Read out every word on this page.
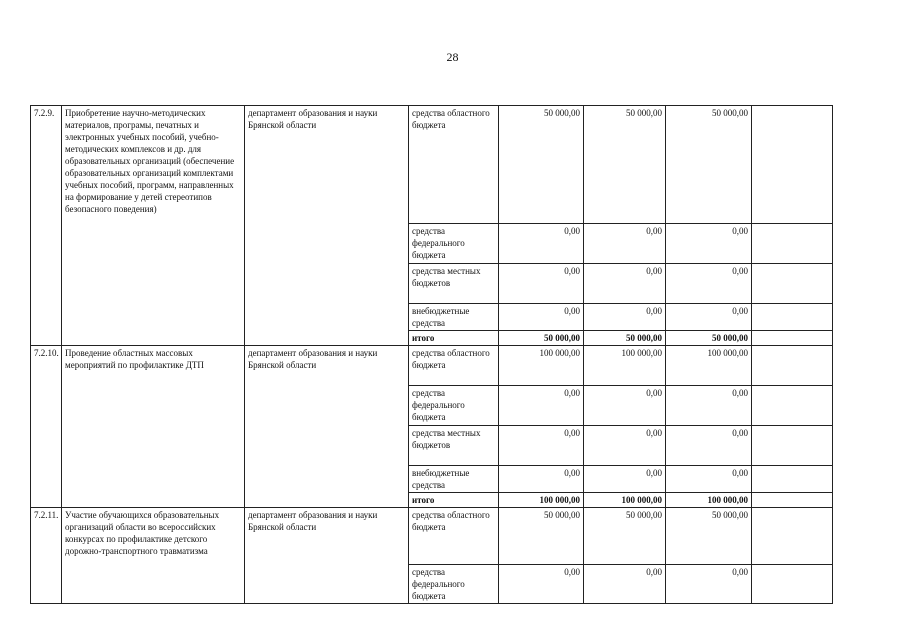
28
7.2.9.	Приобретение научно-методических материалов, програмы, печатных и электронных учебных пособий, учебно-методических комплексов и др. для образовательных организаций (обеспечение образовательных организаций комплектами учебных пособий, программ, направленных на формирование у детей стереотипов безопасного поведения)	департамент образования и науки Брянской области	средства областного бюджета	50 000,00	50 000,00	50 000,00	
			средства федерального бюджета	0,00	0,00	0,00	
			средства местных бюджетов	0,00	0,00	0,00	
			внебюджетные средства	0,00	0,00	0,00	
			итого	50 000,00	50 000,00	50 000,00	
7.2.10.	Проведение областных массовых мероприятий по профилактике ДТП	департамент образования и науки Брянской области	средства областного бюджета	100 000,00	100 000,00	100 000,00	
			средства федерального бюджета	0,00	0,00	0,00	
			средства местных бюджетов	0,00	0,00	0,00	
			внебюджетные средства	0,00	0,00	0,00	
			итого	100 000,00	100 000,00	100 000,00	
7.2.11.	Участие обучающихся образовательных организаций области во всероссийских конкурсах по профилактике детского дорожно-транспортного травматизма	департамент образования и науки Брянской области	средства областного бюджета	50 000,00	50 000,00	50 000,00	
			средства федерального бюджета	0,00	0,00	0,00	
